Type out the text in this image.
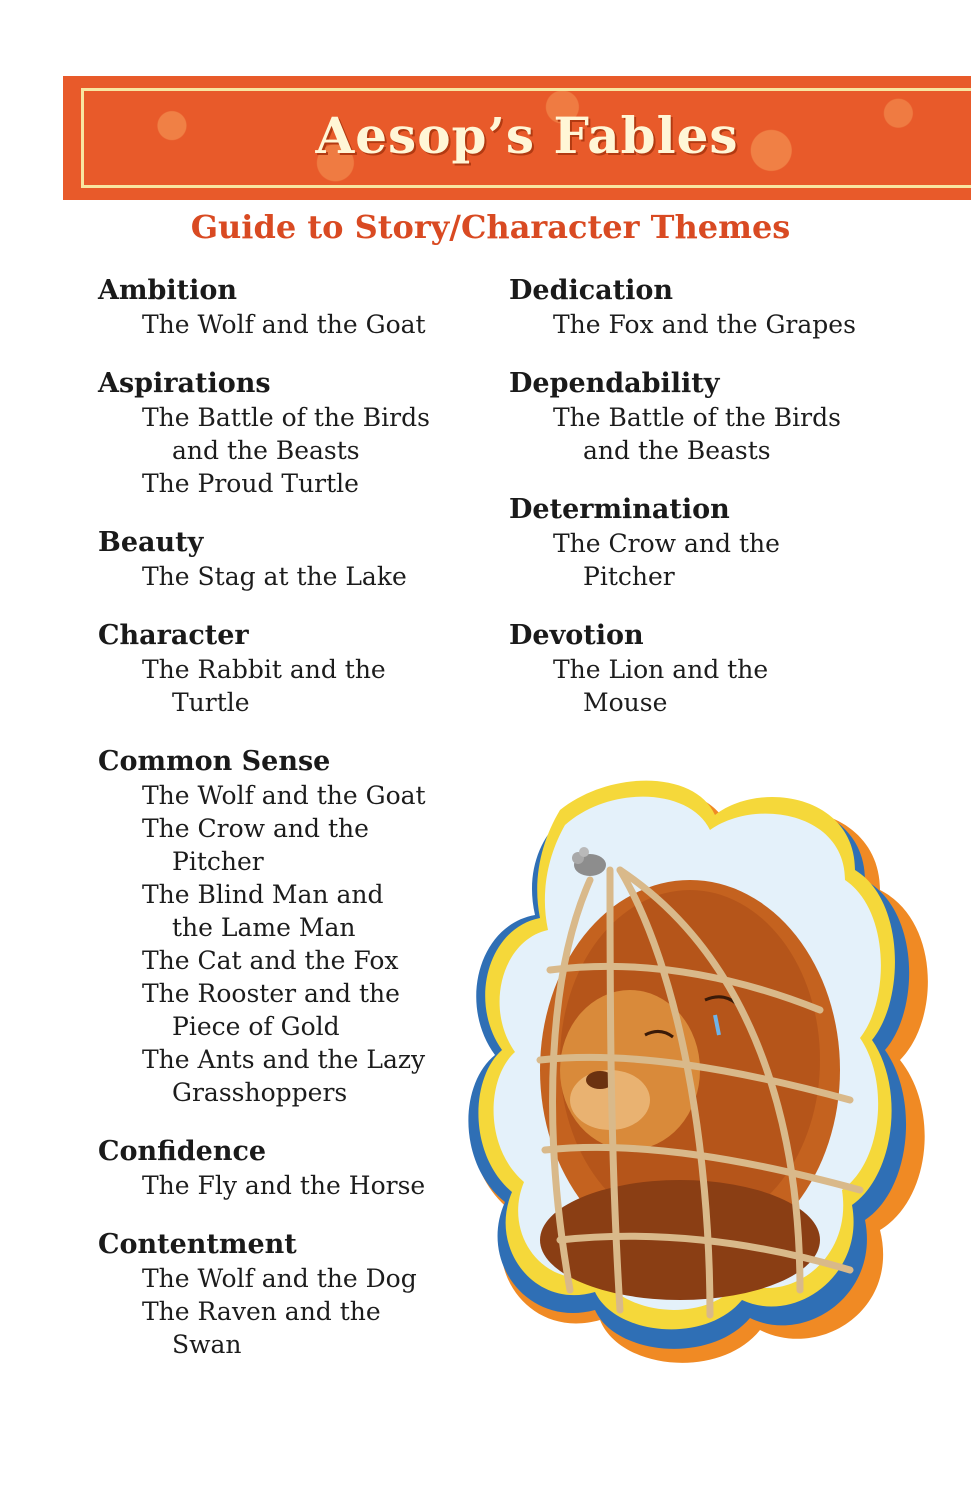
Aesop’s Fables
Guide to Story/Character Themes
Ambition
The Wolf and the Goat
Aspirations
The Battle of the Birds
and the Beasts
The Proud Turtle
Beauty
The Stag at the Lake
Character
The Rabbit and the
Turtle
Common Sense
The Wolf and the Goat
The Crow and the
Pitcher
The Blind Man and
the Lame Man
The Cat and the Fox
The Rooster and the
Piece of Gold
The Ants and the Lazy
Grasshoppers
Confidence
The Fly and the Horse
Contentment
The Wolf and the Dog
The Raven and the
Swan
Dedication
The Fox and the Grapes
Dependability
The Battle of the Birds
and the Beasts
Determination
The Crow and the
Pitcher
Devotion
The Lion and the
Mouse
